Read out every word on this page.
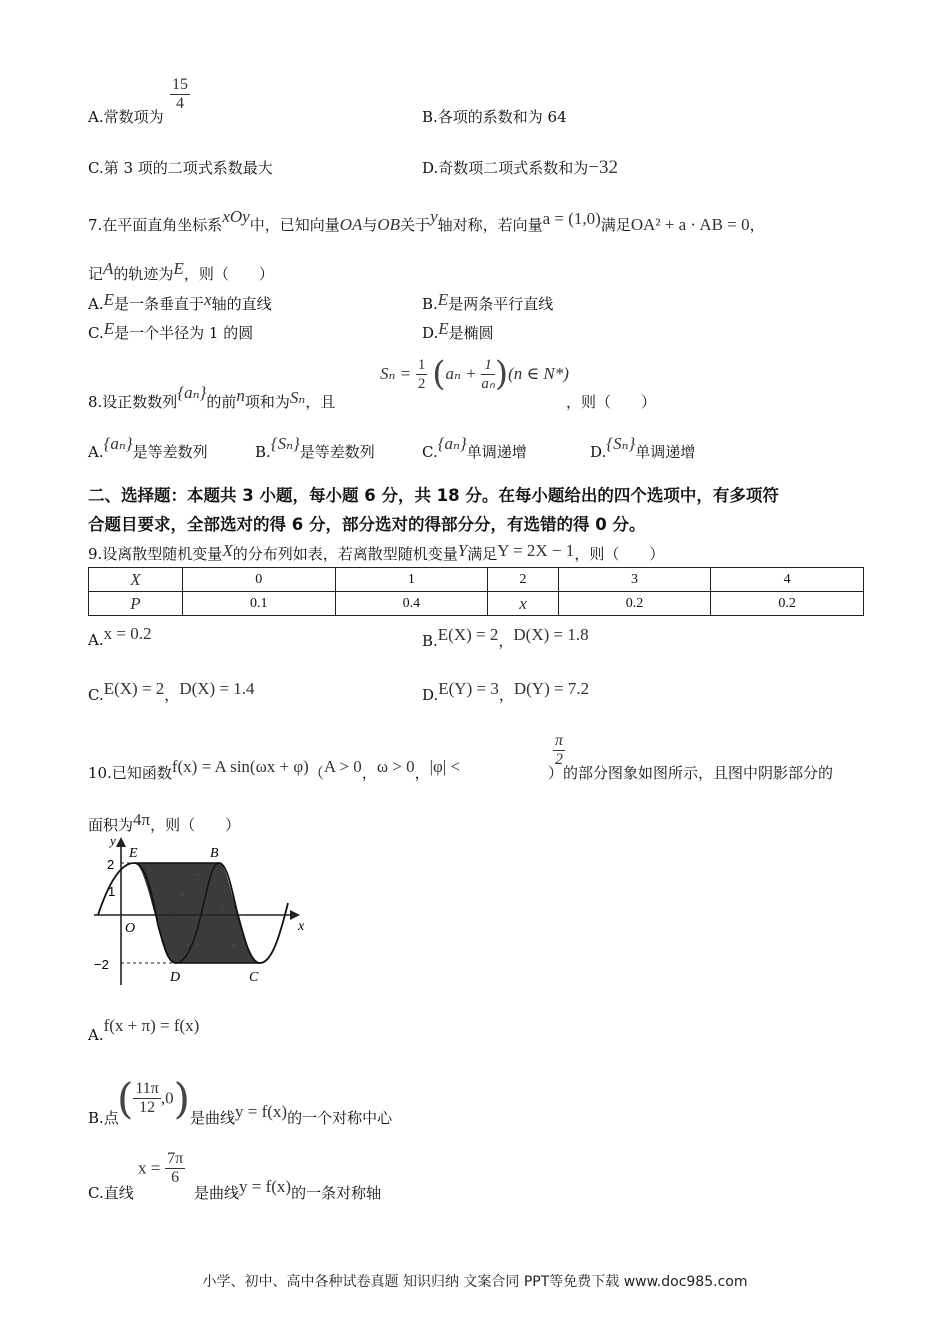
A.常数项为
$\frac{15}{4}$
B.各项的系数和为 64
C.第 3 项的二项式系数最大	D.奇数项二项式系数和为−32
7.在平面直角坐标系xOy中，已知向量OA与OB关于y轴对称，若向量a = (1,0)满足OA² + a · AB = 0，
记A的轨迹为E，则（　　）
A.E是一条垂直于x轴的直线	B.E是两条平行直线
C.E是一个半径为 1 的圆	D.E是椭圆
$S_n = \frac{1}{2} (a_n + \frac{1}{\text{aₙ}} )(n$ ∈ N*)
8.设正数数列{aₙ}的前n项和为Sₙ，且	，则（　　）
A.{aₙ}是等差数列	B.{Sₙ}是等差数列	C.{aₙ}单调递增	D.{Sₙ}单调递增
二、选择题：本题共 3 小题，每小题 6 分，共 18 分。在每小题给出的四个选项中，有多项符
合题目要求，全部选对的得 6 分，部分选对的得部分分，有选错的得 0 分。
9.设离散型随机变量X的分布列如表，若离散型随机变量Y满足Y = 2X − 1，则（　　）
X	0	1	2	3	4
P	0.1	0.4	x	0.2	0.2
A.x = 0.2	B.E(X) = 2，D(X) = 1.8
C.E(X) = 2，D(X) = 1.4	D.E(Y) = 3，D(Y) = 7.2
10.已知函数f(x) = A sin(ωx + φ)（A > 0，ω > 0，|φ| <	$\frac{\pi}{2}$
）的部分图象如图所示，且图中阴影部分的
面积为4π，则（　　）
y
x
O
2
1
−2
E	B
D	C
A.f(x + π) = f(x)
B.点
( $\frac{11\pi}{12} ,0$) 是曲线y = f(x)的一个对称中心
C.直线
$x = \frac{7\pi}{6}$
是曲线y = f(x)的一条对称轴
小学、初中、高中各种试卷真题 知识归纳 文案合同 PPT等免费下载 www.doc985.com
